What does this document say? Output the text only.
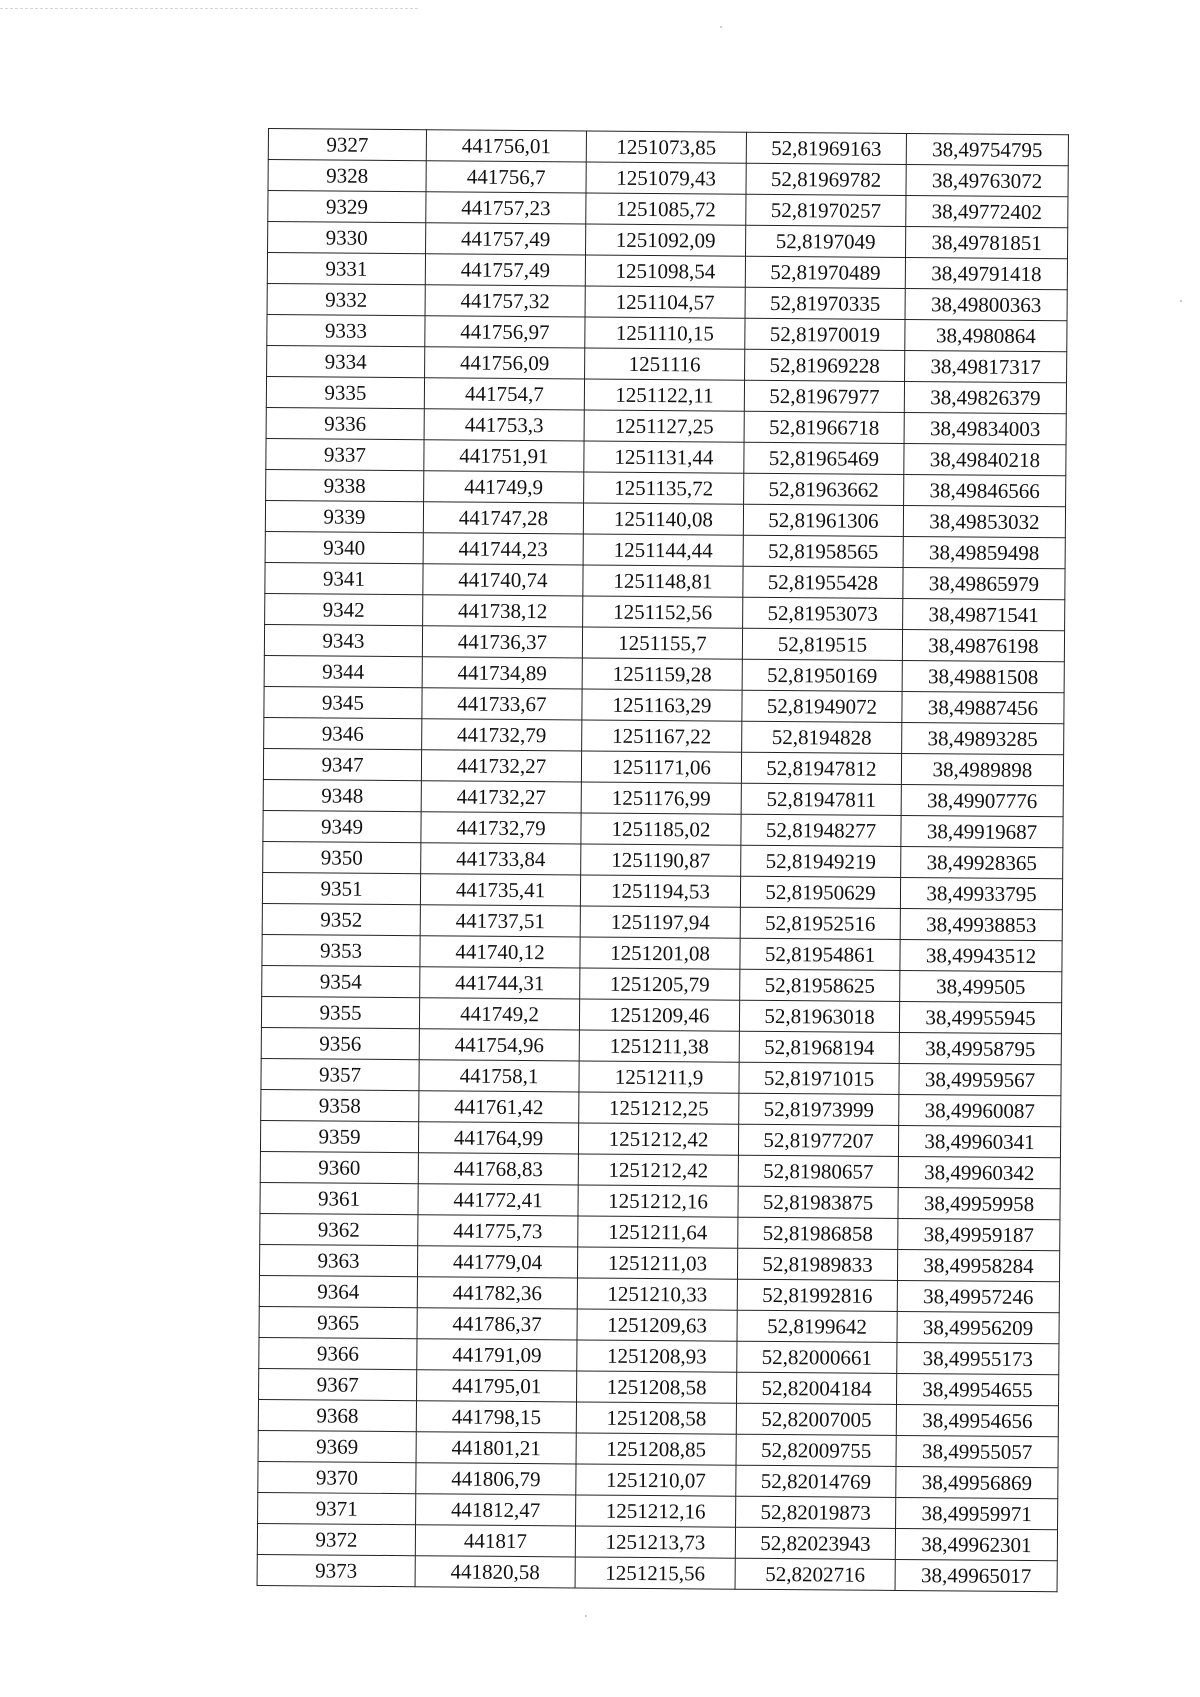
9327	441756,01	1251073,85	52,81969163	38,49754795
9328	441756,7	1251079,43	52,81969782	38,49763072
9329	441757,23	1251085,72	52,81970257	38,49772402
9330	441757,49	1251092,09	52,8197049	38,49781851
9331	441757,49	1251098,54	52,81970489	38,49791418
9332	441757,32	1251104,57	52,81970335	38,49800363
9333	441756,97	1251110,15	52,81970019	38,4980864
9334	441756,09	1251116	52,81969228	38,49817317
9335	441754,7	1251122,11	52,81967977	38,49826379
9336	441753,3	1251127,25	52,81966718	38,49834003
9337	441751,91	1251131,44	52,81965469	38,49840218
9338	441749,9	1251135,72	52,81963662	38,49846566
9339	441747,28	1251140,08	52,81961306	38,49853032
9340	441744,23	1251144,44	52,81958565	38,49859498
9341	441740,74	1251148,81	52,81955428	38,49865979
9342	441738,12	1251152,56	52,81953073	38,49871541
9343	441736,37	1251155,7	52,819515	38,49876198
9344	441734,89	1251159,28	52,81950169	38,49881508
9345	441733,67	1251163,29	52,81949072	38,49887456
9346	441732,79	1251167,22	52,8194828	38,49893285
9347	441732,27	1251171,06	52,81947812	38,4989898
9348	441732,27	1251176,99	52,81947811	38,49907776
9349	441732,79	1251185,02	52,81948277	38,49919687
9350	441733,84	1251190,87	52,81949219	38,49928365
9351	441735,41	1251194,53	52,81950629	38,49933795
9352	441737,51	1251197,94	52,81952516	38,49938853
9353	441740,12	1251201,08	52,81954861	38,49943512
9354	441744,31	1251205,79	52,81958625	38,499505
9355	441749,2	1251209,46	52,81963018	38,49955945
9356	441754,96	1251211,38	52,81968194	38,49958795
9357	441758,1	1251211,9	52,81971015	38,49959567
9358	441761,42	1251212,25	52,81973999	38,49960087
9359	441764,99	1251212,42	52,81977207	38,49960341
9360	441768,83	1251212,42	52,81980657	38,49960342
9361	441772,41	1251212,16	52,81983875	38,49959958
9362	441775,73	1251211,64	52,81986858	38,49959187
9363	441779,04	1251211,03	52,81989833	38,49958284
9364	441782,36	1251210,33	52,81992816	38,49957246
9365	441786,37	1251209,63	52,8199642	38,49956209
9366	441791,09	1251208,93	52,82000661	38,49955173
9367	441795,01	1251208,58	52,82004184	38,49954655
9368	441798,15	1251208,58	52,82007005	38,49954656
9369	441801,21	1251208,85	52,82009755	38,49955057
9370	441806,79	1251210,07	52,82014769	38,49956869
9371	441812,47	1251212,16	52,82019873	38,49959971
9372	441817	1251213,73	52,82023943	38,49962301
9373	441820,58	1251215,56	52,8202716	38,49965017
